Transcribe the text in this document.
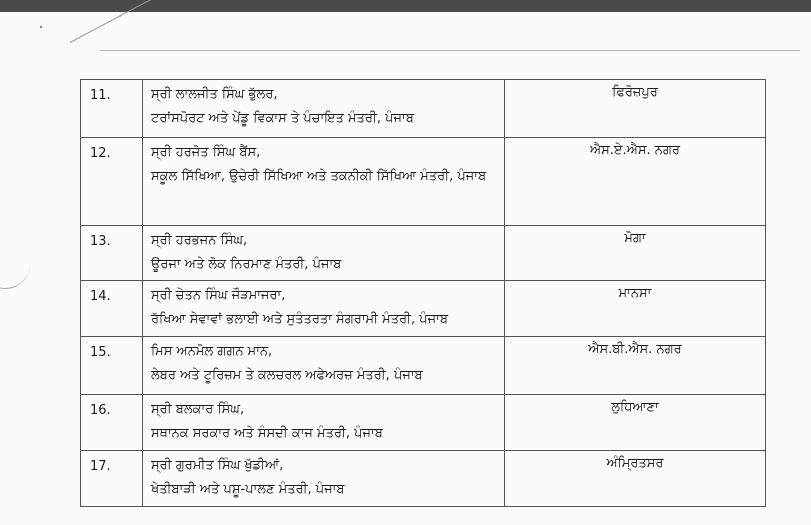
11.	ਸ੍ਰੀ ਲਾਲਜੀਤ ਸਿੰਘ ਭੁੱਲਰ,
ਟਰਾਂਸਪੋਰਟ ਅਤੇ ਪੇਂਡੂ ਵਿਕਾਸ ਤੇ ਪੰਚਾਇਤ ਮੰਤਰੀ, ਪੰਜਾਬ	ਫਿਰੋਜ਼ਪੁਰ
12.	ਸ੍ਰੀ ਹਰਜੋਤ ਸਿੰਘ ਬੈਂਸ,
ਸਕੂਲ ਸਿੱਖਿਆ, ਉਚੇਰੀ ਸਿੱਖਿਆ ਅਤੇ ਤਕਨੀਕੀ ਸਿੱਖਿਆ ਮੰਤਰੀ, ਪੰਜਾਬ	ਐਸ.ਏ.ਐਸ. ਨਗਰ
13.	ਸ੍ਰੀ ਹਰਭਜਨ ਸਿੰਘ,
ਊਰਜਾ ਅਤੇ ਲੋਕ ਨਿਰਮਾਣ ਮੰਤਰੀ, ਪੰਜਾਬ	ਮੋਗਾ
14.	ਸ੍ਰੀ ਚੇਤਨ ਸਿੰਘ ਜੌੜਮਾਜਰਾ,
ਰੱਖਿਆ ਸੇਵਾਵਾਂ ਭਲਾਈ ਅਤੇ ਸੁਤੰਤਰਤਾ ਸੰਗਰਾਮੀ ਮੰਤਰੀ, ਪੰਜਾਬ	ਮਾਨਸਾ
15.	ਮਿਸ ਅਨਮੋਲ ਗਗਨ ਮਾਨ,
ਲੇਬਰ ਅਤੇ ਟੂਰਿਜ਼ਮ ਤੇ ਕਲਚਰਲ ਅਫੇਅਰਜ਼ ਮੰਤਰੀ, ਪੰਜਾਬ	ਐਸ.ਬੀ.ਐਸ. ਨਗਰ
16.	ਸ੍ਰੀ ਬਲਕਾਰ ਸਿੰਘ,
ਸਥਾਨਕ ਸਰਕਾਰ ਅਤੇ ਸੰਸਦੀ ਕਾਜ ਮੰਤਰੀ, ਪੰਜਾਬ	ਲੁਧਿਆਣਾ
17.	ਸ੍ਰੀ ਗੁਰਮੀਤ ਸਿੰਘ ਖੁੱਡੀਆਂ,
ਖੇਤੀਬਾੜੀ ਅਤੇ ਪਸ਼ੂ-ਪਾਲਣ ਮੰਤਰੀ, ਪੰਜਾਬ	ਅੰਮ੍ਰਿਤਸਰ
